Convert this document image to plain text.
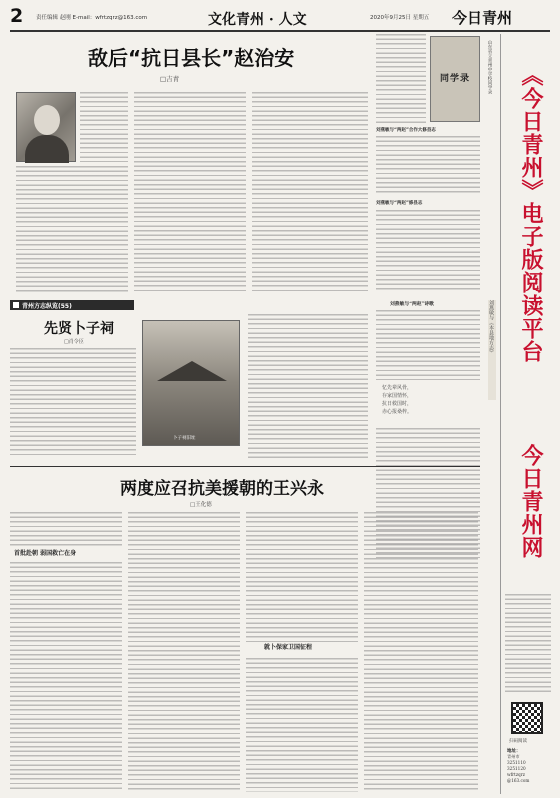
2 责任编辑 赵刚 E-mail：wfrtzqrz@163.com	文化青州 · 人文	2020年9月25日 星期五 今日青州
敌后“抗日县长”赵治安
□吉青	同学录
刘燕敏与“两赵”合作大修县志
刘燕敏与“两赵”修县志
山东省立青州中学校同学录
刘燕敏与“两赵”诗歌
忆先辈风骨，
存家国情怀，
抗日救国时，
赤心报桑梓。
刘燕敏与《本县地方志》
青州方志纵览(55)
先贤卜子祠
□肖令臣
卜子祠旧址
两度应召抗美援朝的王兴永
□王化德
首批赴朝 弱国救亡在身
就卜保家卫国征程
《今日青州》电子版阅读平台
今日青州网
扫码阅读
地址：
青州市
3251110
3251120
wfrtzqrz
@163.com
